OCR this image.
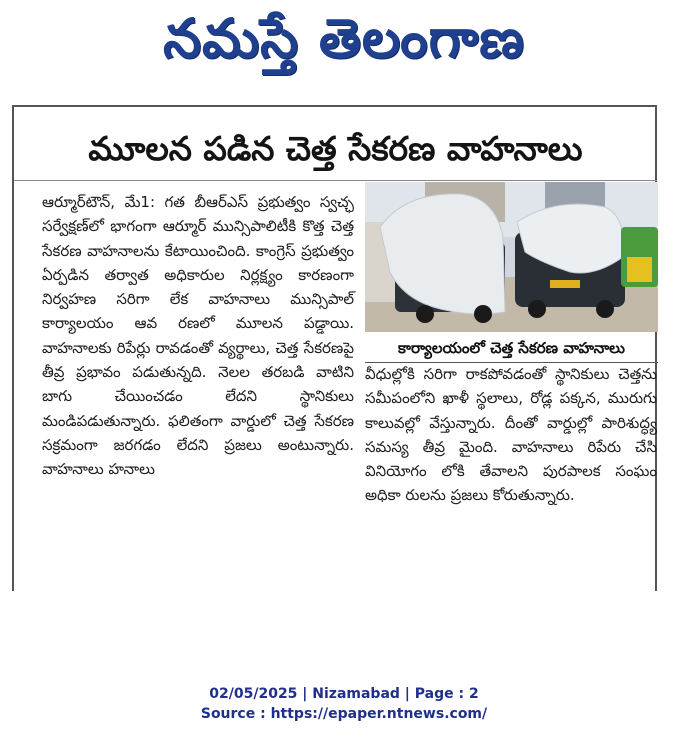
నమస్తే తెలంగాణ
మూలన పడిన చెత్త సేకరణ వాహనాలు
ఆర్మూర్‌టౌన్, మే1: గత బీఆర్‌ఎస్ ప్రభుత్వం స్వచ్ఛ సర్వేక్షణ్‌లో భాగంగా ఆర్మూర్ మున్సిపాలిటీకి కొత్త చెత్త సేకరణ వాహనాలను కేటాయించింది. కాంగ్రెస్ ప్రభుత్వం ఏర్పడిన తర్వాత అధికారుల నిర్లక్ష్యం కారణంగా నిర్వహణ సరిగా లేక వాహనాలు మున్సిపాల్ కార్యాలయం ఆవ రణలో మూలన పడ్డాయి. వాహనాలకు రిపేర్లు రావడంతో వ్యర్థాలు, చెత్త సేకరణపై తీవ్ర ప్రభావం పడుతున్నది. నెలల తరబడి వాటిని బాగు చేయించడం లేదని స్థానికులు మండిపడుతున్నారు. ఫలితంగా వార్డులో చెత్త సేకరణ సక్రమంగా జరగడం లేదని ప్రజలు అంటున్నారు. వాహనాలు హనాలు
కార్యాలయంలో చెత్త సేకరణ వాహనాలు
వీధుల్లోకి సరిగా రాకపోవడంతో స్థానికులు చెత్తను సమీపంలోని ఖాళీ స్థలాలు, రోడ్ల పక్కన, మురుగు కాలువల్లో వేస్తున్నారు. దీంతో వార్డుల్లో పారిశుద్ధ్య సమస్య తీవ్ర మైంది. వాహనాలు రిపేరు చేసి వినియోగం లోకి తేవాలని పురపాలక సంఘం అధికా రులను ప్రజలు కోరుతున్నారు.
02/05/2025 | Nizamabad | Page : 2
Source : https://epaper.ntnews.com/
